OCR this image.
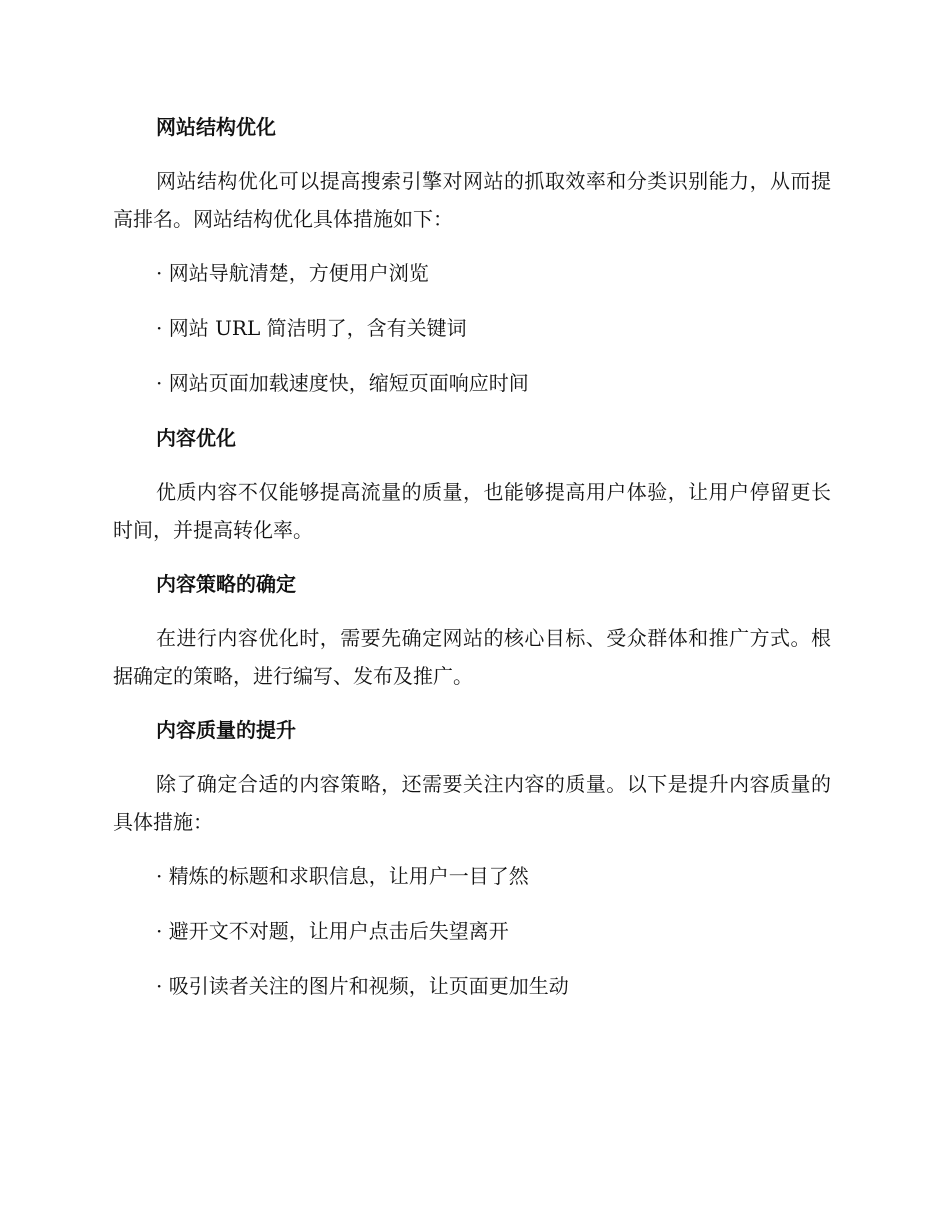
网站结构优化
网站结构优化可以提高搜索引擎对网站的抓取效率和分类识别能力，从而提高排名。网站结构优化具体措施如下：
· 网站导航清楚，方便用户浏览
· 网站 URL 简洁明了，含有关键词
· 网站页面加载速度快，缩短页面响应时间
内容优化
优质内容不仅能够提高流量的质量，也能够提高用户体验，让用户停留更长时间，并提高转化率。
内容策略的确定
在进行内容优化时，需要先确定网站的核心目标、受众群体和推广方式。根据确定的策略，进行编写、发布及推广。
内容质量的提升
除了确定合适的内容策略，还需要关注内容的质量。以下是提升内容质量的具体措施：
· 精炼的标题和求职信息，让用户一目了然
· 避开文不对题，让用户点击后失望离开
· 吸引读者关注的图片和视频，让页面更加生动
